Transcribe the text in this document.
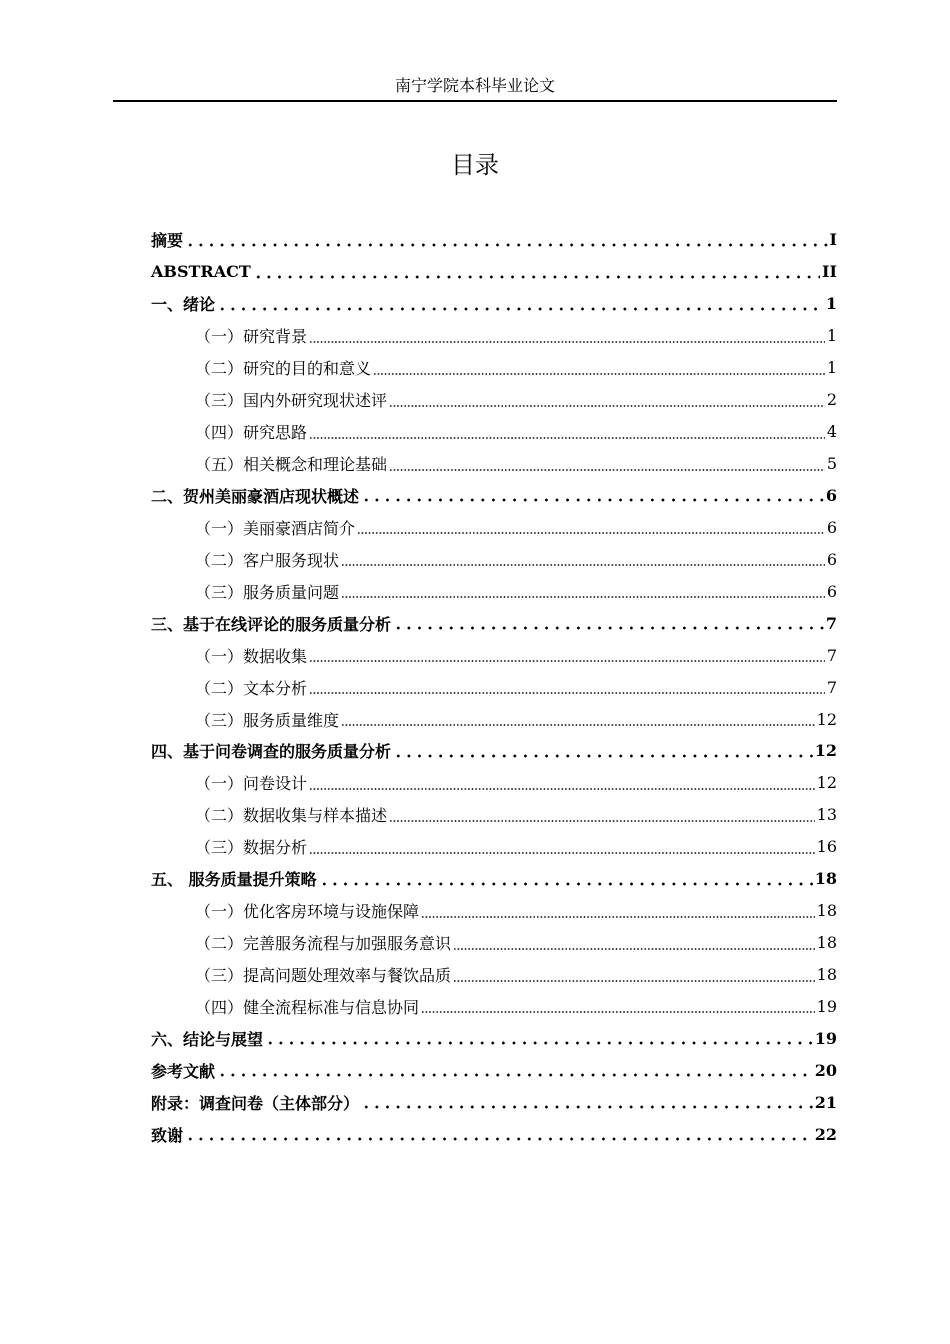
南宁学院本科毕业论文
目录
摘要	I
ABSTRACT	II
一、绪论	1
（一）研究背景	1
（二）研究的目的和意义	1
（三）国内外研究现状述评	2
（四）研究思路	4
（五）相关概念和理论基础	5
二、贺州美丽豪酒店现状概述	6
（一）美丽豪酒店简介	6
（二）客户服务现状	6
（三）服务质量问题	6
三、基于在线评论的服务质量分析	7
（一）数据收集	7
（二）文本分析	7
（三）服务质量维度	12
四、基于问卷调查的服务质量分析	12
（一）问卷设计	12
（二）数据收集与样本描述	13
（三）数据分析	16
五、 服务质量提升策略	18
（一）优化客房环境与设施保障	18
（二）完善服务流程与加强服务意识	18
（三）提高问题处理效率与餐饮品质	18
（四）健全流程标准与信息协同	19
六、结论与展望	19
参考文献	20
附录：调查问卷（主体部分）	21
致谢	22
